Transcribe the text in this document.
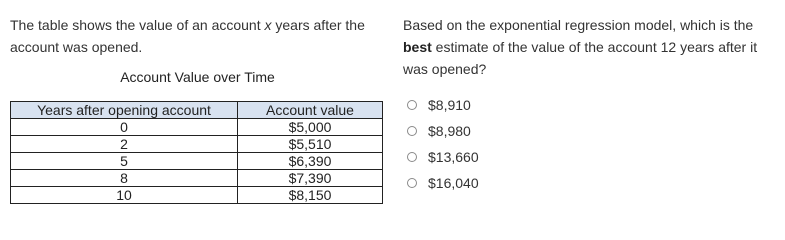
The table shows the value of an account x years after the account was opened.

Account Value over Time
Years after opening account	Account value
0	$5,000
2	$5,510
5	$6,390
8	$7,390
10	$8,150

Based on the exponential regression model, which is the best estimate of the value of the account 12 years after it was opened?

$8,910
$8,980
$13,660
$16,040
